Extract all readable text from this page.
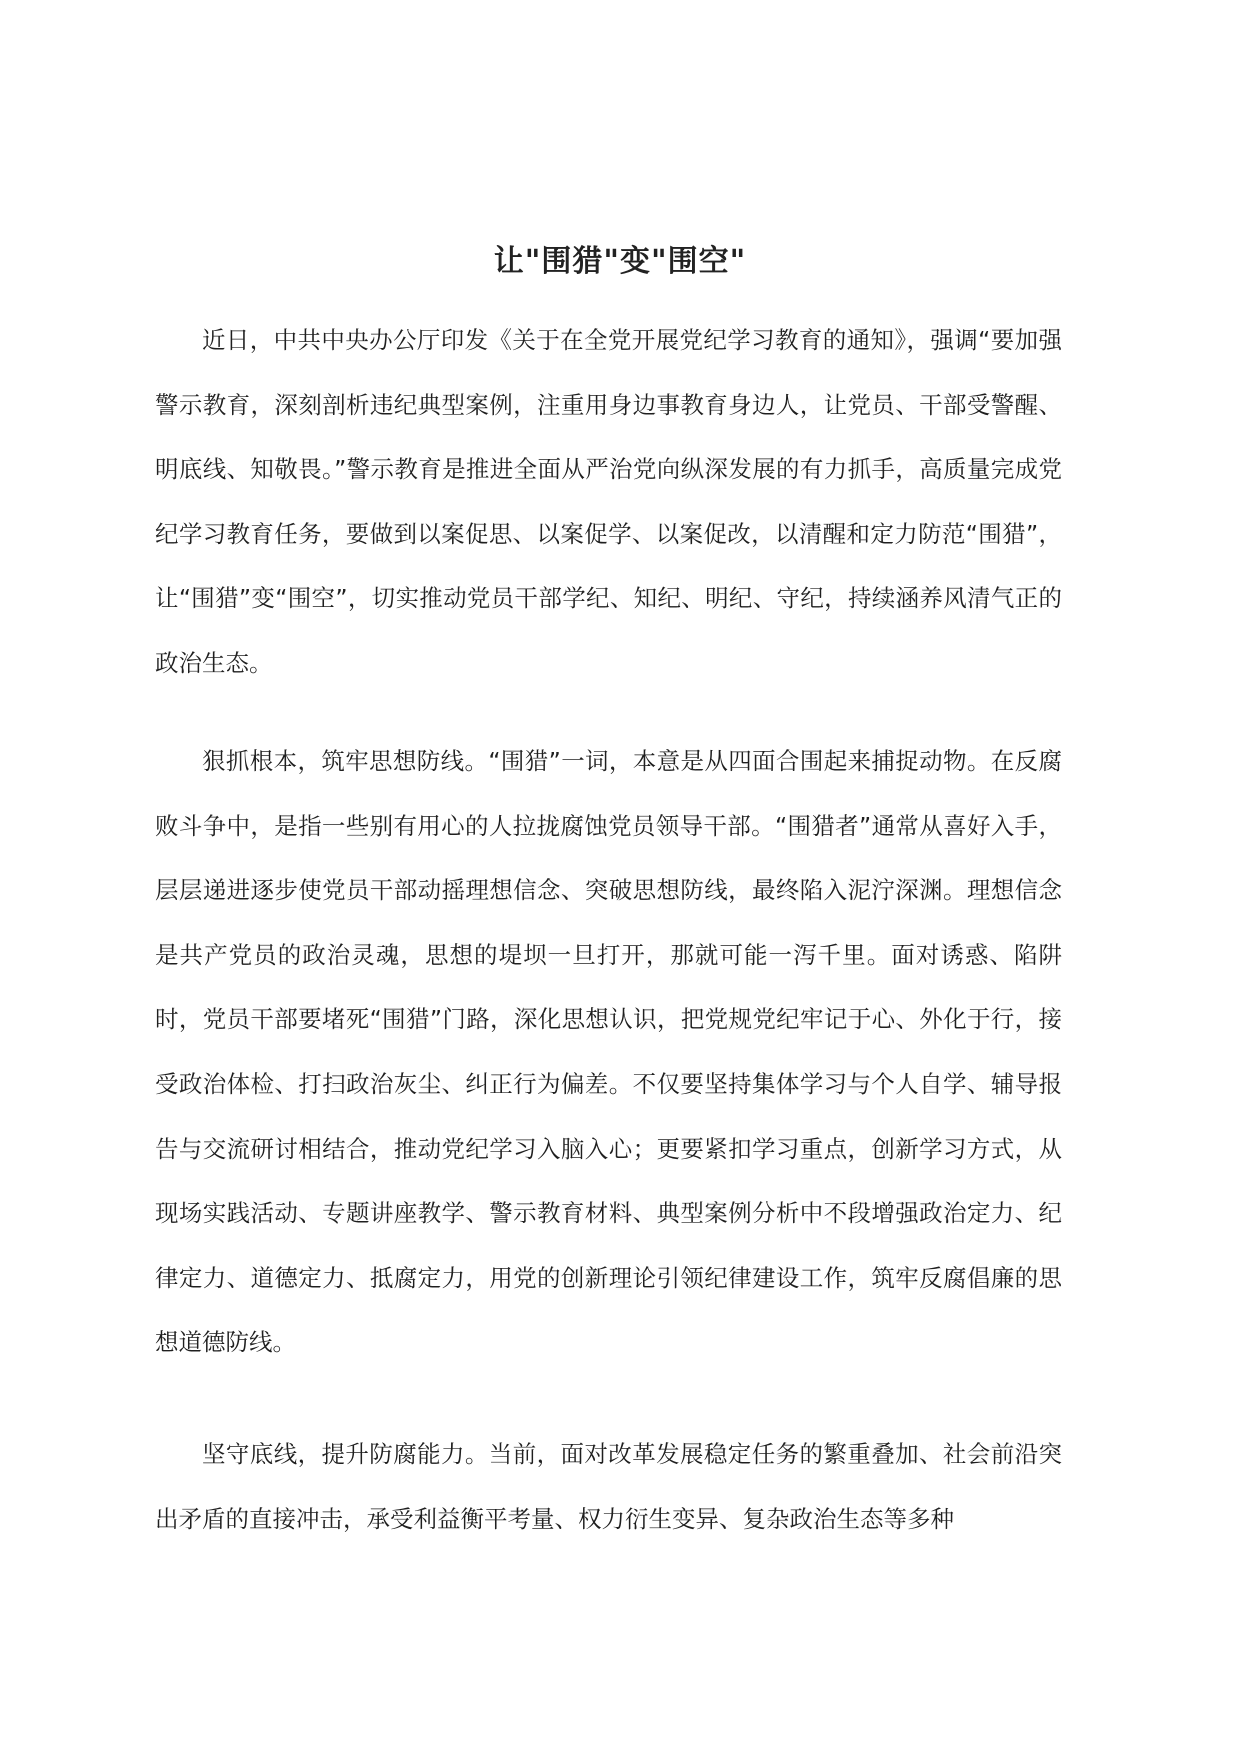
让"围猎"变"围空"

近日，中共中央办公厅印发《关于在全党开展党纪学习教育的通知》，强调“要加强警示教育，深刻剖析违纪典型案例，注重用身边事教育身边人，让党员、干部受警醒、明底线、知敬畏。”警示教育是推进全面从严治党向纵深发展的有力抓手，高质量完成党纪学习教育任务，要做到以案促思、以案促学、以案促改，以清醒和定力防范“围猎”，让“围猎”变“围空”，切实推动党员干部学纪、知纪、明纪、守纪，持续涵养风清气正的政治生态。

狠抓根本，筑牢思想防线。“围猎”一词，本意是从四面合围起来捕捉动物。在反腐败斗争中，是指一些别有用心的人拉拢腐蚀党员领导干部。“围猎者”通常从喜好入手，层层递进逐步使党员干部动摇理想信念、突破思想防线，最终陷入泥泞深渊。理想信念是共产党员的政治灵魂，思想的堤坝一旦打开，那就可能一泻千里。面对诱惑、陷阱时，党员干部要堵死“围猎”门路，深化思想认识，把党规党纪牢记于心、外化于行，接受政治体检、打扫政治灰尘、纠正行为偏差。不仅要坚持集体学习与个人自学、辅导报告与交流研讨相结合，推动党纪学习入脑入心；更要紧扣学习重点，创新学习方式，从现场实践活动、专题讲座教学、警示教育材料、典型案例分析中不段增强政治定力、纪律定力、道德定力、抵腐定力，用党的创新理论引领纪律建设工作，筑牢反腐倡廉的思想道德防线。

坚守底线，提升防腐能力。当前，面对改革发展稳定任务的繁重叠加、社会前沿突出矛盾的直接冲击，承受利益衡平考量、权力衍生变异、复杂政治生态等多种
